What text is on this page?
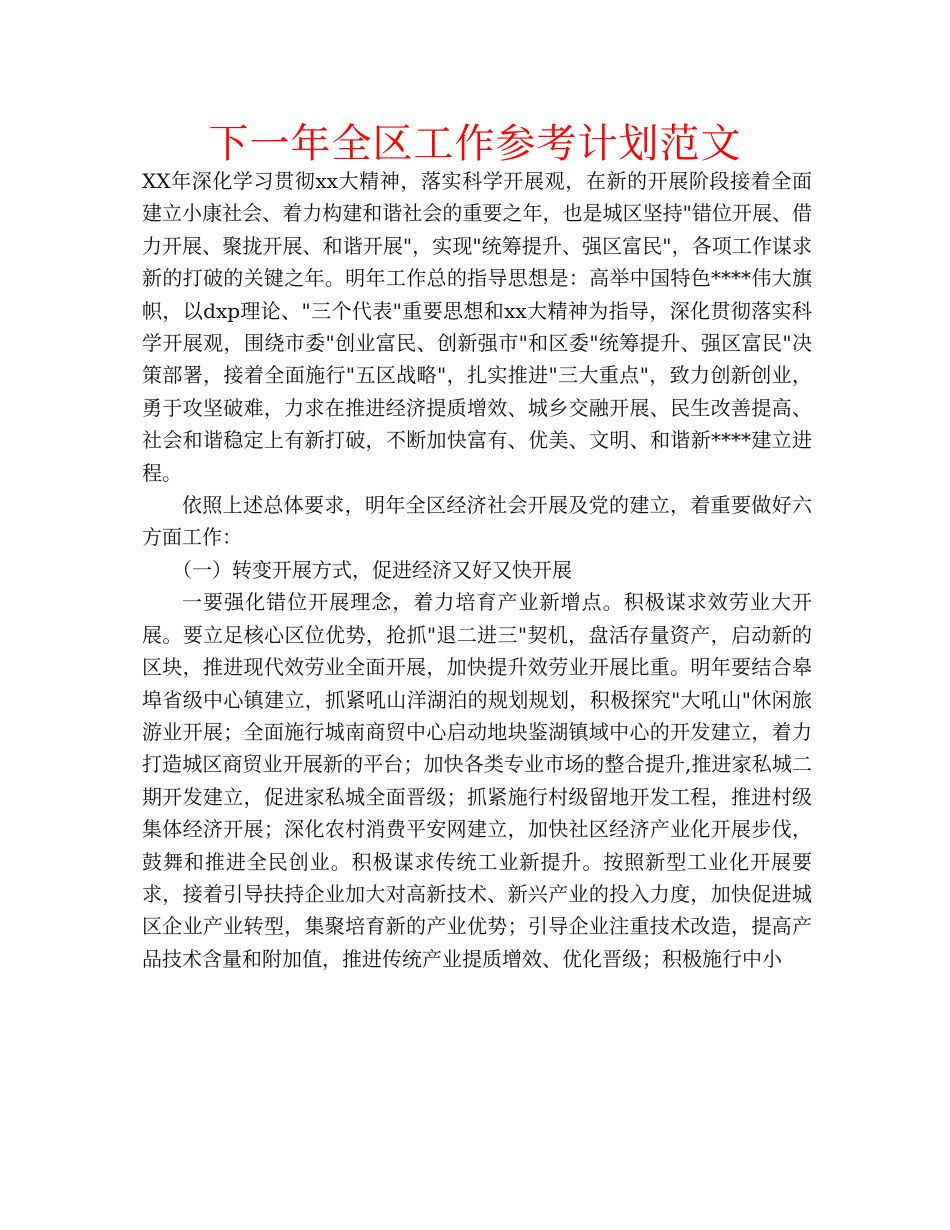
下一年全区工作参考计划范文

XX年深化学习贯彻xx大精神，落实科学开展观，在新的开展阶段接着全面建立小康社会、着力构建和谐社会的重要之年，也是城区坚持"错位开展、借力开展、聚拢开展、和谐开展"，实现"统筹提升、强区富民"，各项工作谋求新的打破的关键之年。明年工作总的指导思想是：高举中国特色****伟大旗帜，以dxp理论、"三个代表"重要思想和xx大精神为指导，深化贯彻落实科学开展观，围绕市委"创业富民、创新强市"和区委"统筹提升、强区富民"决策部署，接着全面施行"五区战略"，扎实推进"三大重点"，致力创新创业，勇于攻坚破难，力求在推进经济提质增效、城乡交融开展、民生改善提高、社会和谐稳定上有新打破，不断加快富有、优美、文明、和谐新****建立进程。

依照上述总体要求，明年全区经济社会开展及党的建立，着重要做好六方面工作：

（一）转变开展方式，促进经济又好又快开展

一要强化错位开展理念，着力培育产业新增点。积极谋求效劳业大开展。要立足核心区位优势，抢抓"退二进三"契机，盘活存量资产，启动新的区块，推进现代效劳业全面开展，加快提升效劳业开展比重。明年要结合皋埠省级中心镇建立，抓紧吼山洋湖泊的规划规划，积极探究"大吼山"休闲旅游业开展；全面施行城南商贸中心启动地块鉴湖镇域中心的开发建立，着力打造城区商贸业开展新的平台；加快各类专业市场的整合提升,推进家私城二期开发建立，促进家私城全面晋级；抓紧施行村级留地开发工程，推进村级集体经济开展；深化农村消费平安网建立，加快社区经济产业化开展步伐，鼓舞和推进全民创业。积极谋求传统工业新提升。按照新型工业化开展要求，接着引导扶持企业加大对高新技术、新兴产业的投入力度，加快促进城区企业产业转型，集聚培育新的产业优势；引导企业注重技术改造，提高产品技术含量和附加值，推进传统产业提质增效、优化晋级；积极施行中小
